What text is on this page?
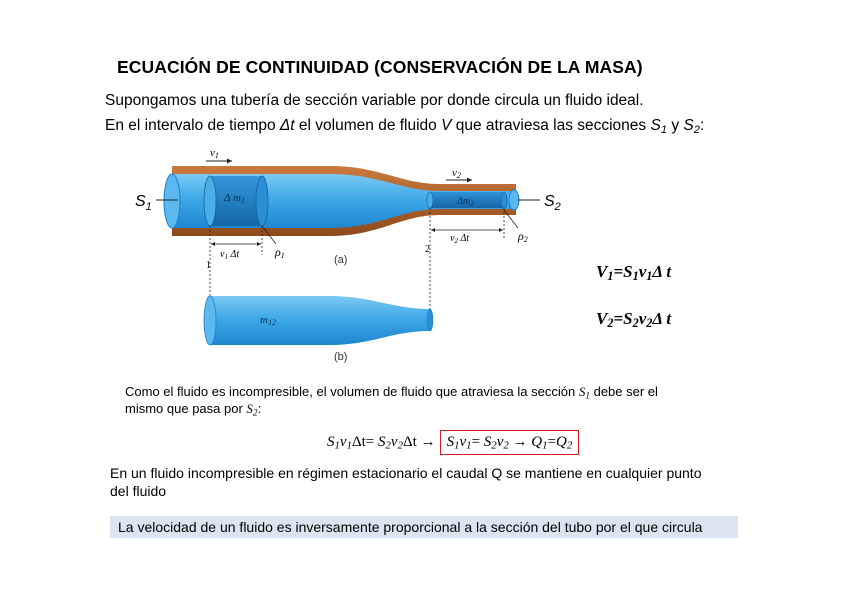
ECUACIÓN DE CONTINUIDAD (CONSERVACIÓN DE LA MASA)
Supongamos una tubería de sección variable por donde circula un fluido ideal.
En el intervalo de tiempo Δt el volumen de fluido V que atraviesa las secciones $S_1$ y $S_2$:
$S_1$	$S_2$
v1
v2
Δ m1	$\Delta m_2$
ρ1
ρ2
$v_1$ Δt
$v_2$ Δt
1
2
(a)
m12
(b)
$V_1=S_1v_1\Delta$ t
$V_2=S_2v_2\Delta$ t
Como el fluido es incompresible, el volumen de fluido que atraviesa la sección $S_1$ debe ser el
mismo que pasa por $S_2$:
$S_1v_1\Delta t= S_2v_2\Delta t \to S_1v_1= S_2v_2 \to Q_1=Q_2$
En un fluido incompresible en régimen estacionario el caudal Q se mantiene en cualquier punto
del fluido
La velocidad de un fluido es inversamente proporcional a la sección del tubo por el que circula
